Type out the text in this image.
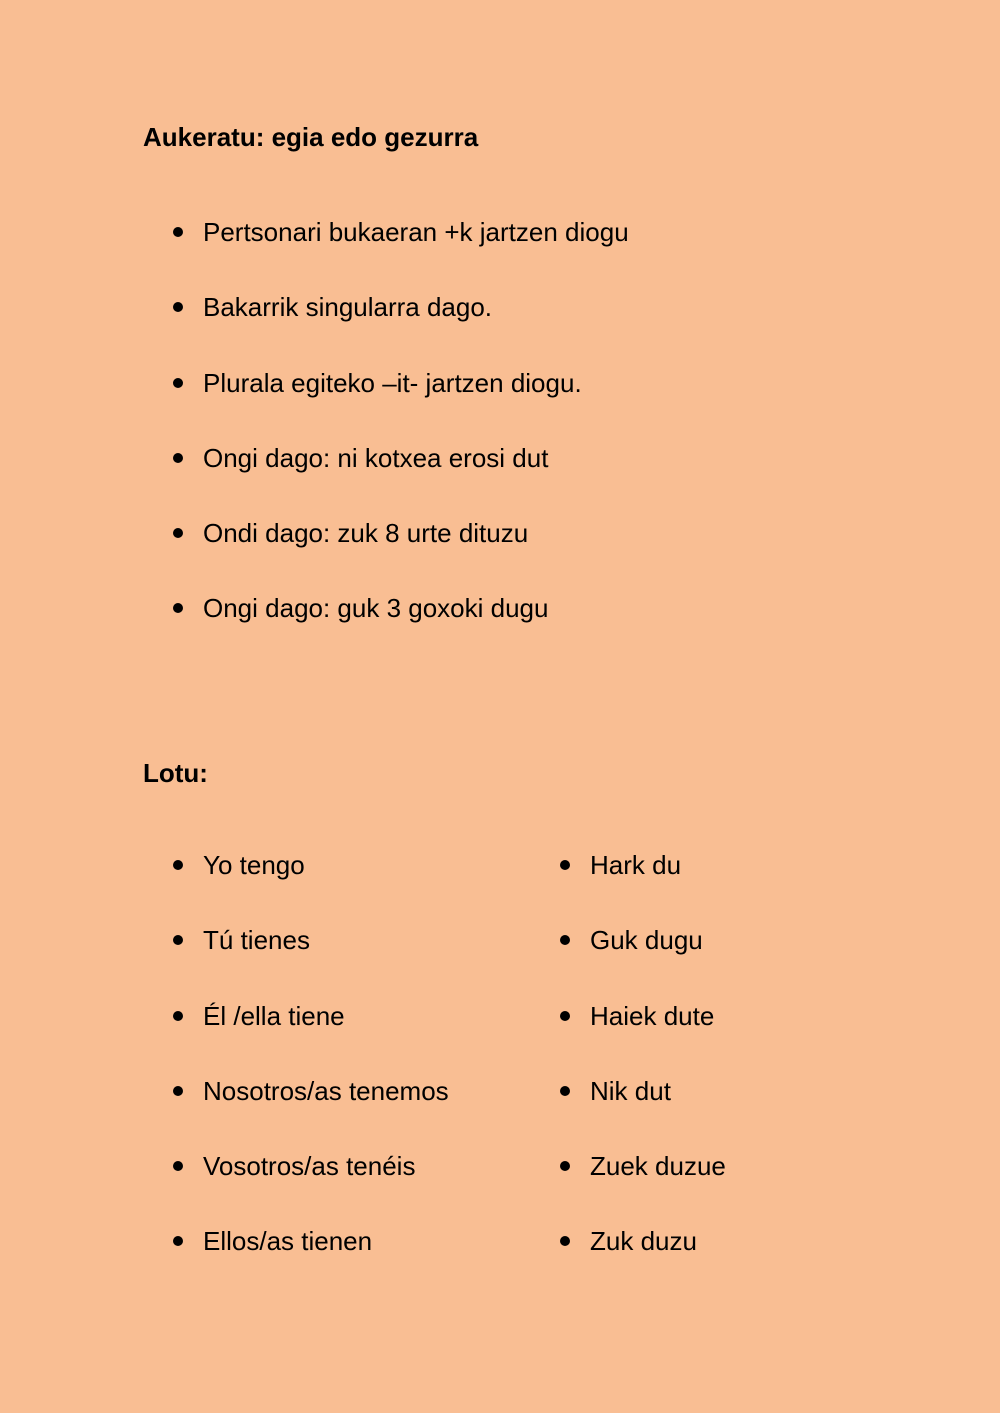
Aukeratu: egia edo gezurra
Pertsonari bukaeran +k jartzen diogu
Bakarrik singularra dago.
Plurala egiteko –it- jartzen diogu.
Ongi dago: ni kotxea erosi dut
Ondi dago: zuk 8 urte dituzu
Ongi dago: guk 3 goxoki dugu
Lotu:
Yo tengo
Tú tienes
Él /ella tiene
Nosotros/as tenemos
Vosotros/as tenéis
Ellos/as tienen
Hark du
Guk dugu
Haiek dute
Nik dut
Zuek duzue
Zuk duzu
